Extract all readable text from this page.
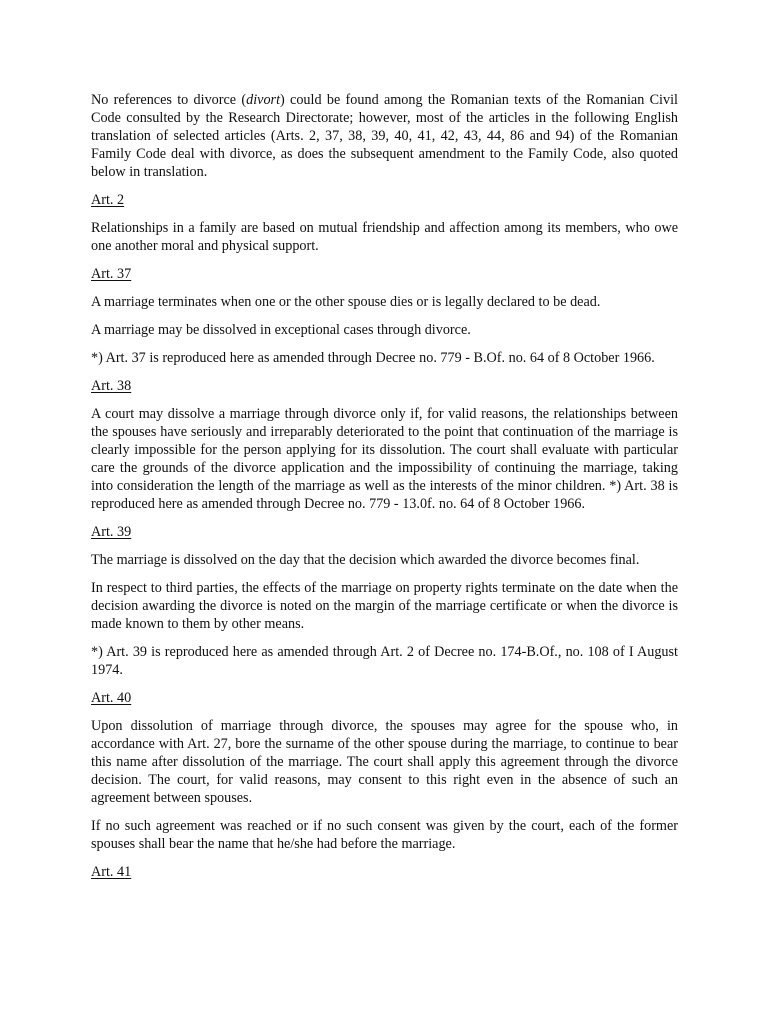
No references to divorce (divort) could be found among the Romanian texts of the Romanian Civil Code consulted by the Research Directorate; however, most of the articles in the following English translation of selected articles (Arts. 2, 37, 38, 39, 40, 41, 42, 43, 44, 86 and 94) of the Romanian Family Code deal with divorce, as does the subsequent amendment to the Family Code, also quoted below in translation.

Art. 2

Relationships in a family are based on mutual friendship and affection among its members, who owe one another moral and physical support.

Art. 37

A marriage terminates when one or the other spouse dies or is legally declared to be dead.

A marriage may be dissolved in exceptional cases through divorce.

*) Art. 37 is reproduced here as amended through Decree no. 779 - B.Of. no. 64 of 8 October 1966.

Art. 38

A court may dissolve a marriage through divorce only if, for valid reasons, the relationships between the spouses have seriously and irreparably deteriorated to the point that continuation of the marriage is clearly impossible for the person applying for its dissolution. The court shall evaluate with particular care the grounds of the divorce application and the impossibility of continuing the marriage, taking into consideration the length of the marriage as well as the interests of the minor children. *) Art. 38 is reproduced here as amended through Decree no. 779 - 13.0f. no. 64 of 8 October 1966.

Art. 39

The marriage is dissolved on the day that the decision which awarded the divorce becomes final.

In respect to third parties, the effects of the marriage on property rights terminate on the date when the decision awarding the divorce is noted on the margin of the marriage certificate or when the divorce is made known to them by other means.

*) Art. 39 is reproduced here as amended through Art. 2 of Decree no. 174-B.Of., no. 108 of I August 1974.

Art. 40

Upon dissolution of marriage through divorce, the spouses may agree for the spouse who, in accordance with Art. 27, bore the surname of the other spouse during the marriage, to continue to bear this name after dissolution of the marriage. The court shall apply this agreement through the divorce decision. The court, for valid reasons, may consent to this right even in the absence of such an agreement between spouses.

If no such agreement was reached or if no such consent was given by the court, each of the former spouses shall bear the name that he/she had before the marriage.

Art. 41
